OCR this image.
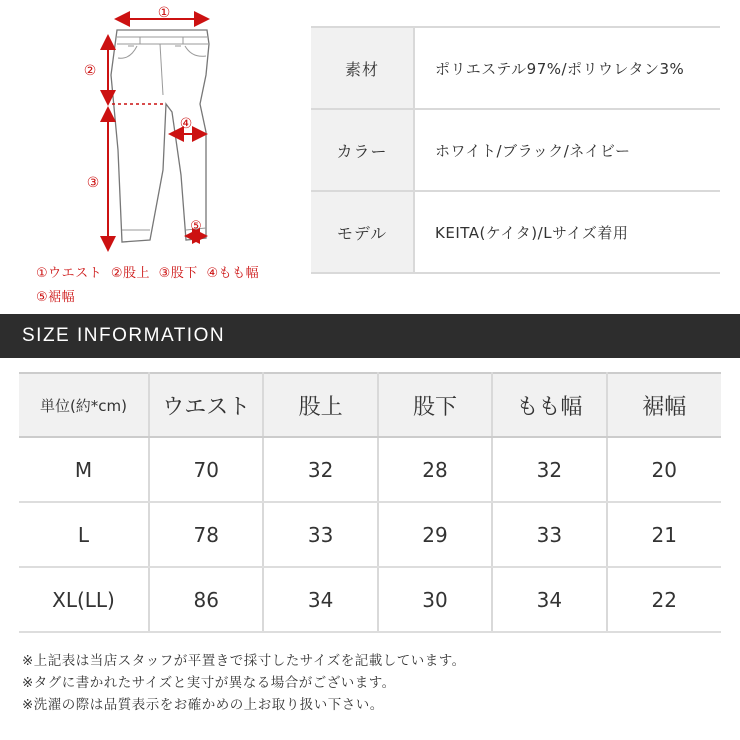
①
②
③
④
⑤
①ウエスト ②股上 ③股下 ④もも幅
⑤裾幅
素材	ポリエステル97%/ポリウレタン3%
カラー	ホワイト/ブラック/ネイビー
モデル	KEITA(ケイタ)/Lサイズ着用
SIZE INFORMATION
単位(約*cm)	ウエスト	股上	股下	もも幅	裾幅
M	70	32	28	32	20
L	78	33	29	33	21
XL(LL)	86	34	30	34	22
※上記表は当店スタッフが平置きで採寸したサイズを記載しています。
※タグに書かれたサイズと実寸が異なる場合がございます。
※洗濯の際は品質表示をお確かめの上お取り扱い下さい。
